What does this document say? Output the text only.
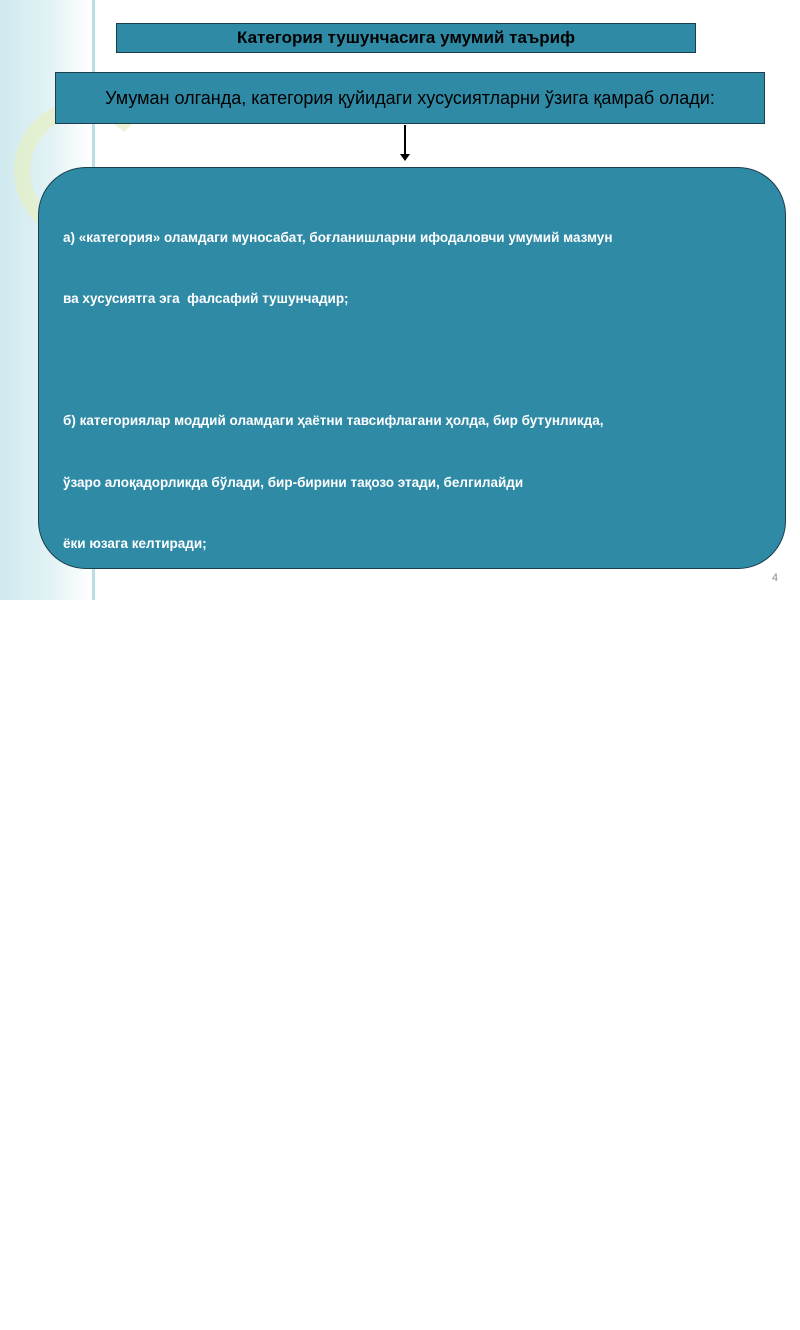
Категория тушунчасига умумий таъриф
Умуман олганда, категория қуйидаги хусусиятларни ўзига қамраб олади:

а) «категория» оламдаги муносабат, боғланишларни ифодаловчи умумий мазмун

ва хусусиятга эга  фалсафий тушунчадир;

б) категориялар моддий оламдаги ҳаётни тавсифлагани ҳолда, бир бутунликда,

ўзаро алоқадорликда бўлади, бир-бирини тақозо этади, белгилайди

ёки юзага келтиради;

в) категория объектив мазмунга эга. Ҳар бир категория воқелик туфайли

рўёбга чиқади, воқеликда намоён бўлади, воқелик мавжудлигининг ўзига

хос хусусиятлари, томонлари, белгиларини ифодаловчи тушунчалар

сифатида инсон тафаккурида акс этади;

г) категория умумий тушунчалар сифатида инсоннинг табиий-ижтимоий ҳодисалар

моҳиятини билишга қаратилган билиш жараёни тарихининг натижалари ва

воқеликни чуқурроқ била боришининг илмий воситаларидир;

д) категориялар фалсафанинг ўзи сингари, барча фанлар учун илмий тадқиқот

ва амалий фаолиятда методологик аҳамиятга эгадир.

4
